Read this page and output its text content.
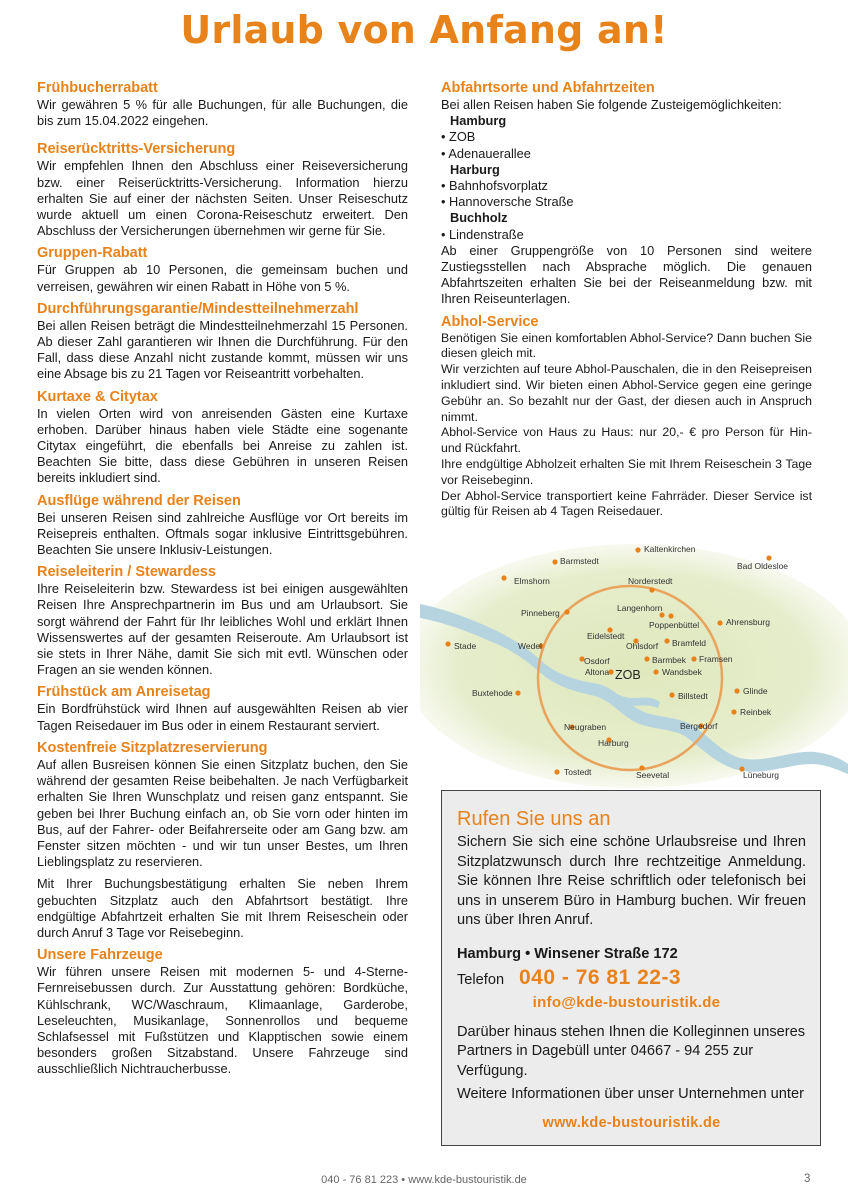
Urlaub von Anfang an!
Frühbucherrabatt
Wir gewähren 5 % für alle Buchungen, für alle Buchungen, die bis zum 15.04.2022 eingehen.
Reiserücktritts-Versicherung
Wir empfehlen Ihnen den Abschluss einer Reiseversicherung bzw. einer Reiserücktritts-Versicherung. Information hierzu erhalten Sie auf einer der nächsten Seiten. Unser Reiseschutz wurde aktuell um einen Corona-Reiseschutz erweitert. Den Abschluss der Versicherungen übernehmen wir gerne für Sie.
Gruppen-Rabatt
Für Gruppen ab 10 Personen, die gemeinsam buchen und verreisen, gewähren wir einen Rabatt in Höhe von 5 %.
Durchführungsgarantie/Mindestteilnehmerzahl
Bei allen Reisen beträgt die Mindestteilnehmerzahl 15 Personen. Ab dieser Zahl garantieren wir Ihnen die Durchführung. Für den Fall, dass diese Anzahl nicht zustande kommt, müssen wir uns eine Absage bis zu 21 Tagen vor Reiseantritt vorbehalten.
Kurtaxe & Citytax
In vielen Orten wird von anreisenden Gästen eine Kurtaxe erhoben. Darüber hinaus haben viele Städte eine sogenante Citytax eingeführt, die ebenfalls bei Anreise zu zahlen ist. Beachten Sie bitte, dass diese Gebühren in unseren Reisen bereits inkludiert sind.
Ausflüge während der Reisen
Bei unseren Reisen sind zahlreiche Ausflüge vor Ort bereits im Reisepreis enthalten. Oftmals sogar inklusive Eintrittsgebühren. Beachten Sie unsere Inklusiv-Leistungen.
Reiseleiterin / Stewardess
Ihre Reiseleiterin bzw. Stewardess ist bei einigen ausgewählten Reisen Ihre Ansprechpartnerin im Bus und am Urlaubsort. Sie sorgt während der Fahrt für Ihr leibliches Wohl und erklärt Ihnen Wissenswertes auf der gesamten Reiseroute. Am Urlaubsort ist sie stets in Ihrer Nähe, damit Sie sich mit evtl. Wünschen oder Fragen an sie wenden können.
Frühstück am Anreisetag
Ein Bordfrühstück wird Ihnen auf ausgewählten Reisen ab vier Tagen Reisedauer im Bus oder in einem Restaurant serviert.
Kostenfreie Sitzplatzreservierung
Auf allen Busreisen können Sie einen Sitzplatz buchen, den Sie während der gesamten Reise beibehalten. Je nach Verfügbarkeit erhalten Sie Ihren Wunschplatz und reisen ganz entspannt. Sie geben bei Ihrer Buchung einfach an, ob Sie vorn oder hinten im Bus, auf der Fahrer- oder Beifahrerseite oder am Gang bzw. am Fenster sitzen möchten - und wir tun unser Bestes, um Ihren Lieblingsplatz zu reservieren.
Mit Ihrer Buchungsbestätigung erhalten Sie neben Ihrem gebuchten Sitzplatz auch den Abfahrtsort bestätigt. Ihre endgültige Abfahrtzeit erhalten Sie mit Ihrem Reiseschein oder durch Anruf 3 Tage vor Reisebeginn.
Unsere Fahrzeuge
Wir führen unsere Reisen mit modernen 5- und 4-Sterne-Fernreisebussen durch. Zur Ausstattung gehören: Bordküche, Kühlschrank, WC/Waschraum, Klimaanlage, Garderobe, Leseleuchten, Musikanlage, Sonnenrollos und bequeme Schlafsessel mit Fußstützen und Klapptischen sowie einem besonders großen Sitzabstand. Unsere Fahrzeuge sind ausschließlich Nichtraucherbusse.
Abfahrtsorte und Abfahrtzeiten
Bei allen Reisen haben Sie folgende Zusteigemöglichkeiten:
Hamburg
• ZOB
• Adenauerallee
Harburg
• Bahnhofsvorplatz
• Hannoversche Straße
Buchholz
• Lindenstraße
Ab einer Gruppengröße von 10 Personen sind weitere Zustiegsstellen nach Absprache möglich. Die genauen Abfahrtszeiten erhalten Sie bei der Reiseanmeldung bzw. mit Ihren Reiseunterlagen.
Abhol-Service
Benötigen Sie einen komfortablen Abhol-Service? Dann buchen Sie diesen gleich mit.
Wir verzichten auf teure Abhol-Pauschalen, die in den Reisepreisen inkludiert sind. Wir bieten einen Abhol-Service gegen eine geringe Gebühr an. So bezahlt nur der Gast, der diesen auch in Anspruch nimmt.
Abhol-Service von Haus zu Haus: nur 20,- € pro Person für Hin- und Rückfahrt.
Ihre endgültige Abholzeit erhalten Sie mit Ihrem Reiseschein 3 Tage vor Reisebeginn.
Der Abhol-Service transportiert keine Fahrräder. Dieser Service ist gültig für Reisen ab 4 Tagen Reisedauer.
Kaltenkirchen
Barmstedt	Bad Oldesloe
Elmshorn	Norderstedt
Langenhorn
Pinneberg
Poppenbüttel	Ahrensburg
Eidelstedt
Ohlsdorf Bramfeld
Stade	Wedel
Osdorf	Barmbek Framsen
Altona ZOB	Wandsbek
Buxtehode	Billstedt	Glinde
Reinbek
Neugraben	Bergedorf
Harburg
Tostedt	Seevetal	Lüneburg
Rufen Sie uns an
Sichern Sie sich eine schöne Urlaubsreise und Ihren Sitzplatzwunsch durch Ihre rechtzeitige Anmeldung. Sie können Ihre Reise schriftlich oder telefonisch bei uns in unserem Büro in Hamburg buchen. Wir freuen uns über Ihren Anruf.
Hamburg • Winsener Straße 172
Telefon 040 - 76 81 22-3
info@kde-bustouristik.de
Darüber hinaus stehen Ihnen die Kolleginnen unseres Partners in Dagebüll unter 04667 - 94 255 zur Verfügung.
Weitere Informationen über unser Unternehmen unter
www.kde-bustouristik.de
040 - 76 81 223 • www.kde-bustouristik.de	3
